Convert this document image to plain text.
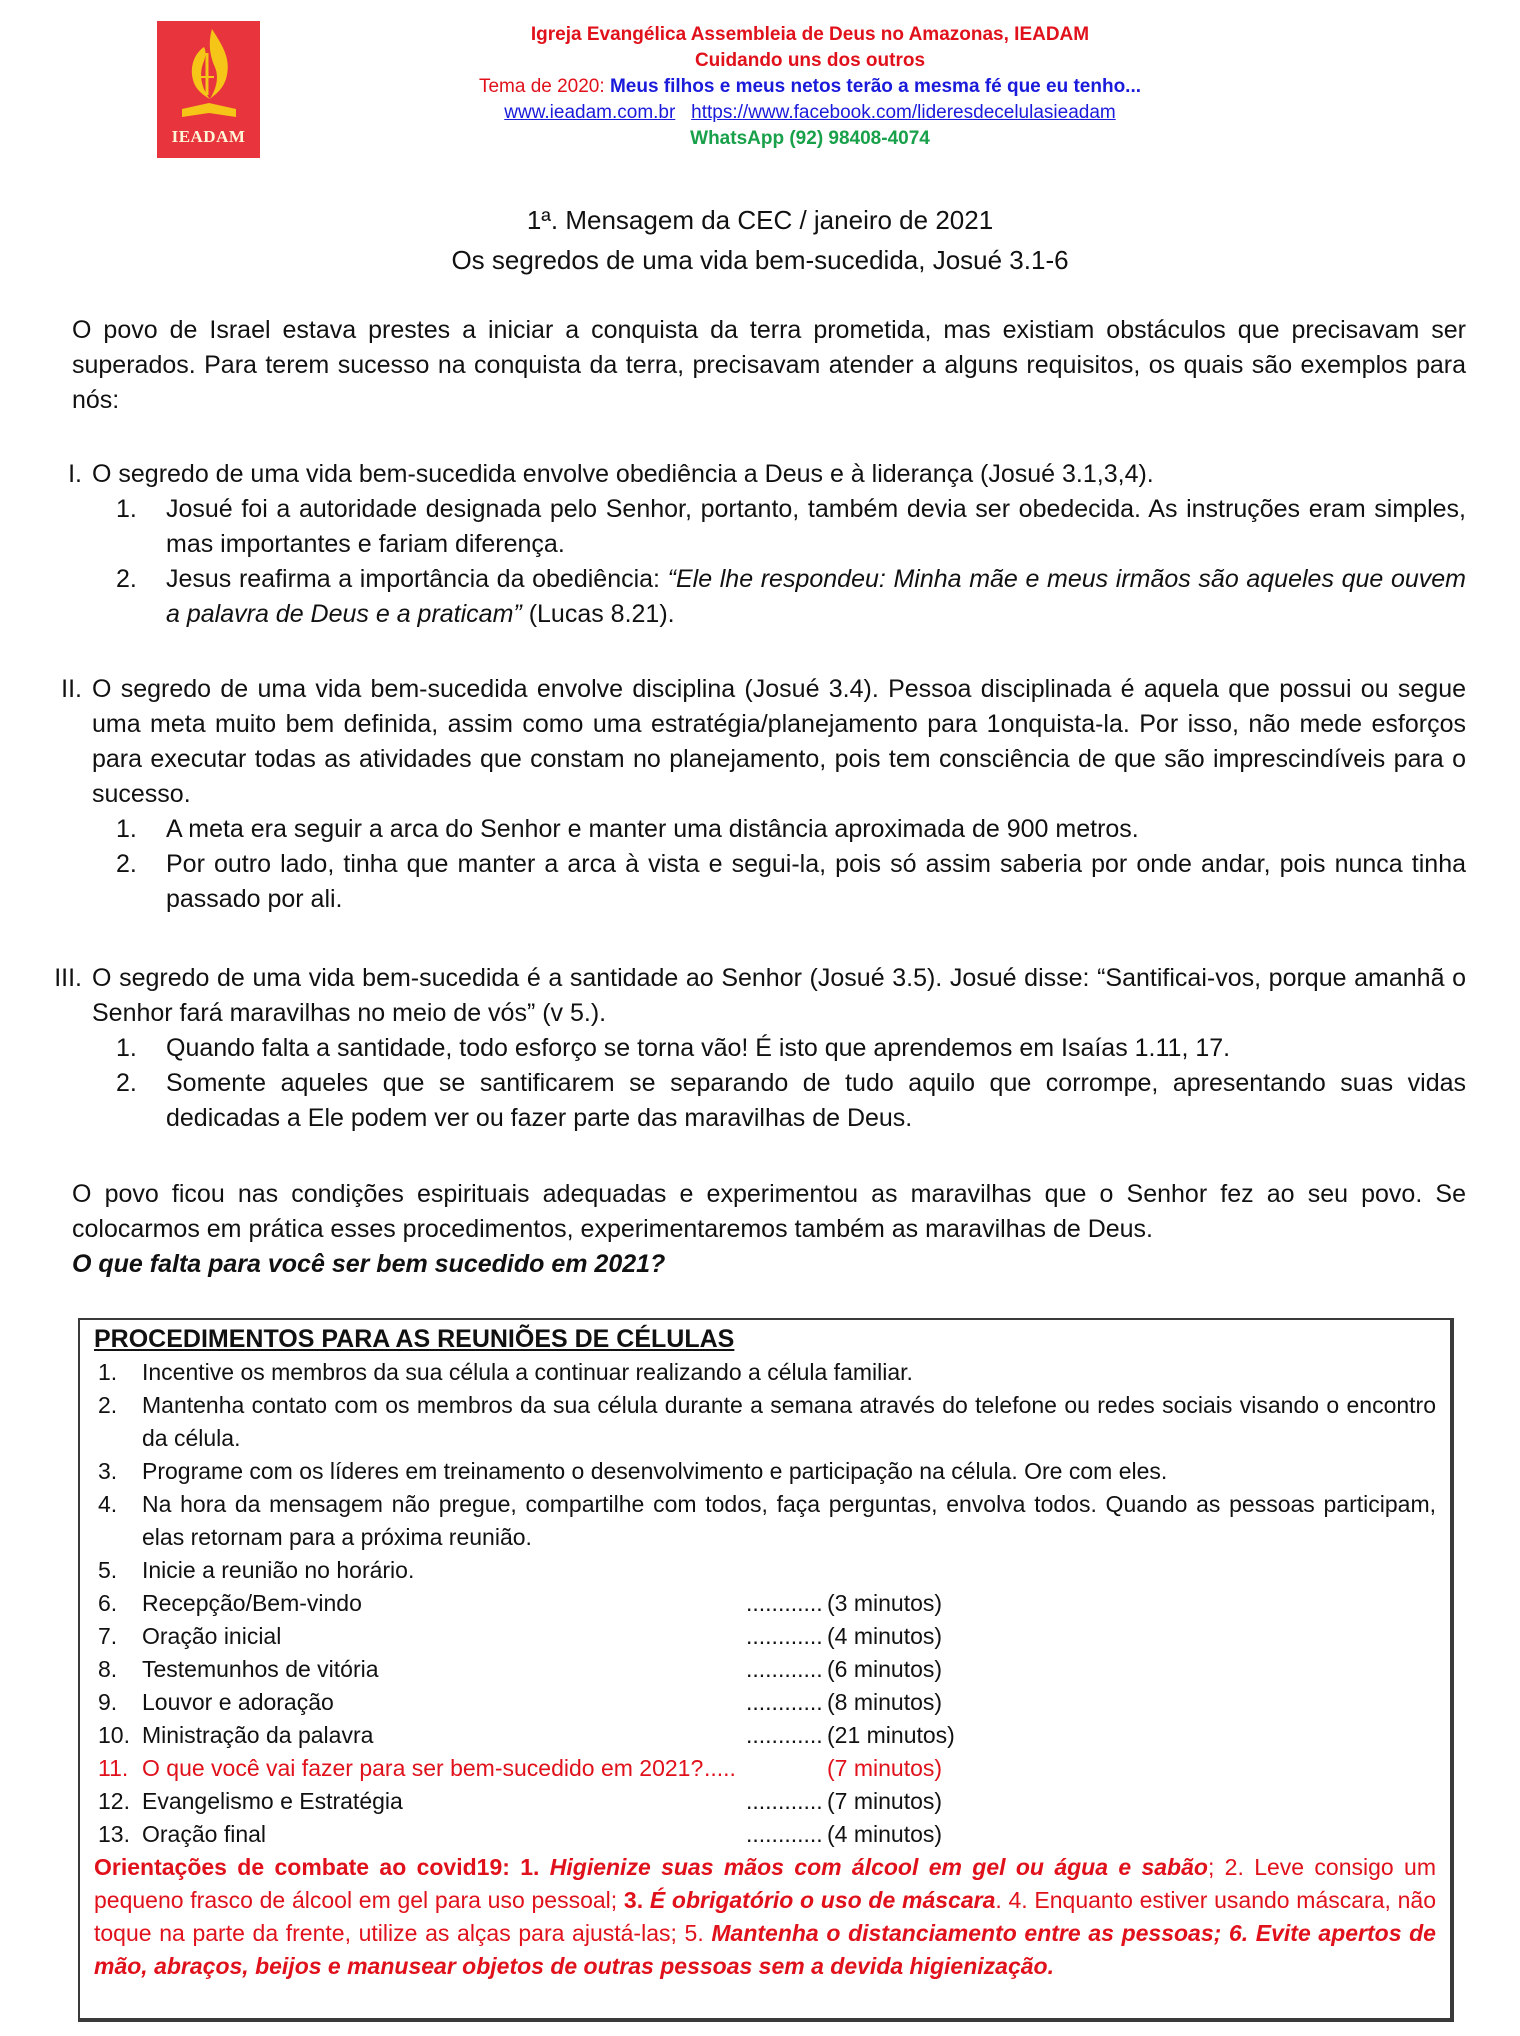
IEADAM
Igreja Evangélica Assembleia de Deus no Amazonas, IEADAM
Cuidando uns dos outros
Tema de 2020: Meus filhos e meus netos terão a mesma fé que eu tenho...
www.ieadam.com.br https://www.facebook.com/lideresdecelulasieadam
WhatsApp (92) 98408-4074
1ª. Mensagem da CEC / janeiro de 2021
Os segredos de uma vida bem-sucedida, Josué 3.1-6
O povo de Israel estava prestes a iniciar a conquista da terra prometida, mas existiam obstáculos que precisavam ser superados. Para terem sucesso na conquista da terra, precisavam atender a alguns requisitos, os quais são exemplos para nós:
I. O segredo de uma vida bem-sucedida envolve obediência a Deus e à liderança (Josué 3.1,3,4).
1. Josué foi a autoridade designada pelo Senhor, portanto, também devia ser obedecida. As instruções eram simples, mas importantes e fariam diferença.
2. Jesus reafirma a importância da obediência: “Ele lhe respondeu: Minha mãe e meus irmãos são aqueles que ouvem a palavra de Deus e a praticam” (Lucas 8.21).
II. O segredo de uma vida bem-sucedida envolve disciplina (Josué 3.4). Pessoa disciplinada é aquela que possui ou segue uma meta muito bem definida, assim como uma estratégia/planejamento para 1onquista-la. Por isso, não mede esforços para executar todas as atividades que constam no planejamento, pois tem consciência de que são imprescindíveis para o sucesso.
1. A meta era seguir a arca do Senhor e manter uma distância aproximada de 900 metros.
2. Por outro lado, tinha que manter a arca à vista e segui-la, pois só assim saberia por onde andar, pois nunca tinha passado por ali.
III. O segredo de uma vida bem-sucedida é a santidade ao Senhor (Josué 3.5). Josué disse: “Santificai-vos, porque amanhã o Senhor fará maravilhas no meio de vós” (v 5.).
1. Quando falta a santidade, todo esforço se torna vão! É isto que aprendemos em Isaías 1.11, 17.
2. Somente aqueles que se santificarem se separando de tudo aquilo que corrompe, apresentando suas vidas dedicadas a Ele podem ver ou fazer parte das maravilhas de Deus.
O povo ficou nas condições espirituais adequadas e experimentou as maravilhas que o Senhor fez ao seu povo. Se colocarmos em prática esses procedimentos, experimentaremos também as maravilhas de Deus.
O que falta para você ser bem sucedido em 2021?
PROCEDIMENTOS PARA AS REUNIÕES DE CÉLULAS
1. Incentive os membros da sua célula a continuar realizando a célula familiar.
2. Mantenha contato com os membros da sua célula durante a semana através do telefone ou redes sociais visando o encontro da célula.
3. Programe com os líderes em treinamento o desenvolvimento e participação na célula. Ore com eles.
4. Na hora da mensagem não pregue, compartilhe com todos, faça perguntas, envolva todos. Quando as pessoas participam, elas retornam para a próxima reunião.
5. Inicie a reunião no horário.
6. Recepção/Bem-vindo	............ (3 minutos)
7. Oração inicial	............ (4 minutos)
8. Testemunhos de vitória	............ (6 minutos)
9. Louvor e adoração	............ (8 minutos)
10. Ministração da palavra	............ (21 minutos)
11. O que você vai fazer para ser bem-sucedido em 2021? .....	(7 minutos)
12. Evangelismo e Estratégia	............ (7 minutos)
13. Oração final	............ (4 minutos)
Orientações de combate ao covid19: 1. Higienize suas mãos com álcool em gel ou água e sabão; 2. Leve consigo um pequeno frasco de álcool em gel para uso pessoal; 3. É obrigatório o uso de máscara. 4. Enquanto estiver usando máscara, não toque na parte da frente, utilize as alças para ajustá-las; 5. Mantenha o distanciamento entre as pessoas; 6. Evite apertos de mão, abraços, beijos e manusear objetos de outras pessoas sem a devida higienização.
